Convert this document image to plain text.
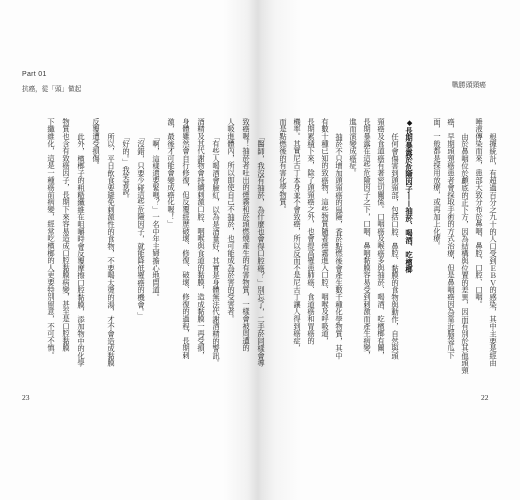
Part 01
抗癌，從「頭」做起
「醫師，我沒有抽菸，為什麼也會得口腔癌？」別忘了，二手菸同樣會導
致癌喔！抽菸者吐出的煙霧和菸頭燃燒產生的有害物質，一樣會被周遭的
人吸進體內，所以即使自己不抽菸，也可能成為菸害的受害者。
「有些人喝酒會臉紅，以為是酒量好，其實是身體無法代謝酒精的警訊。
酒精及其代謝物會持續刺激口腔、咽喉與食道的黏膜，造成黏膜一再受損，
身體雖然會自行修復，但反覆經歷破壞、修復、破壞、修復的過程，長期刺
激，最後才可能會變成癌化喔！」
「啊，這樣還要緊嗎？」一名中年主婦擔心地問道。
「沒錯，只要少碰這些危險因子，就能降低罹癌的機會。」
「好的。」我笑著說。
所以，平日飲食要避免刺激性的食物，不要喝太燙的湯，才不會造成黏膜
反覆遭受損傷。
此外，檳榔子的粗糙纖維在咀嚼時會反覆摩擦口腔黏膜，添加物中的化學
物質也含有致癌因子，長期下來容易造成口腔黏膜病變，甚至是口腔黏膜
下纖維化，這是一種癌前病變，經常吃檳榔的人更要特別留意，不可不慎。
23
戰勝頭頸癌
根據統計，有超過百分之九十的人口受到ＥＢＶ的感染，其中主要是經由
唾液傳染而來，患部大致分布於鼻咽、鼻腔、口腔、口咽。
由於鼻咽位於顱底的正下方，因為結構與位置的差異，因而有別於其他頭頸
癌，早期頭頸癌患者會採取手術的方式治療，但是鼻咽癌因為靠近腦袋瓜下
面，一般都是採用放療，或再加上化療。
◆長期暴露於危險因子——抽菸、喝酒、吃檳榔
任何會傷害到頭頸部，包括口腔、鼻腔、黏膜的食物與動作，自然與頭
頸癌及食道癌有著密切關係。口咽癌及喉癌多與抽菸、喝酒、吃檳榔有關，
長期暴露在這些危險因子之下，口咽、鼻咽黏膜容易受到刺激而產生病變，
進而演變成癌症。
抽菸不只增加頭頸癌的風險，香菸點燃後會產生數千種化學物質，其中
有數十種已知的致癌物，這些物質隨著煙霧進入口腔、咽喉及呼吸道，
長期累積下來，除了頭頸癌之外，也會提高罹患肺癌、食道癌和胃癌的
機率。其實尼古丁本身並不會致癌，所以反而不是尼古丁讓人得到癌症，
而是點燃後的有害化學物質。
22
